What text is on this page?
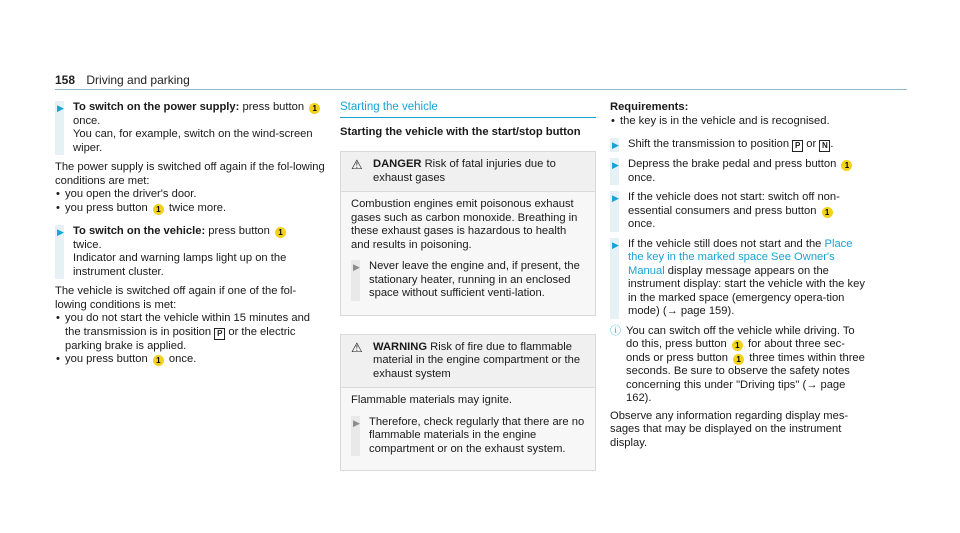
158 Driving and parking
▶ To switch on the power supply: press button 1 once.
You can, for example, switch on the wind-screen wiper.

The power supply is switched off again if the fol-lowing conditions are met:

• you open the driver's door.
• you press button 1 twice more.
▶ To switch on the vehicle: press button 1
twice.
Indicator and warning lamps light up on the instrument cluster.

The vehicle is switched off again if one of the fol-lowing conditions is met:

• you do not start the vehicle within 15 minutes and the transmission is in position P or the electric parking brake is applied.
• you press button 1 once.
Starting the vehicle
Starting the vehicle with the start/stop button
⚠ DANGER Risk of fatal injuries due to exhaust gases

Combustion engines emit poisonous exhaust gases such as carbon monoxide. Breathing in these exhaust gases is hazardous to health and results in poisoning.

▶ Never leave the engine and, if present, the stationary heater, running in an enclosed space without sufficient venti-lation.
⚠ WARNING Risk of fire due to flammable material in the engine compartment or the exhaust system

Flammable materials may ignite.

▶ Therefore, check regularly that there are no flammable materials in the engine compartment or on the exhaust system.

Requirements:

• the key is in the vehicle and is recognised.
▶ Shift the transmission to position P or N .
▶ Depress the brake pedal and press button 1
once.
▶ If the vehicle does not start: switch off non-essential consumers and press button 1
once.
▶ If the vehicle still does not start and the Place the key in the marked space See Owner's Manual display message appears on the instrument display: start the vehicle with the key in the marked space (emergency opera-tion mode) (→ page 159).
ⓘ You can switch off the vehicle while driving. To do this, press button 1 for about three sec-onds or press button 1 three times within three seconds. Be sure to observe the safety notes concerning this under "Driving tips" (→ page 162).

Observe any information regarding display mes-sages that may be displayed on the instrument display.
